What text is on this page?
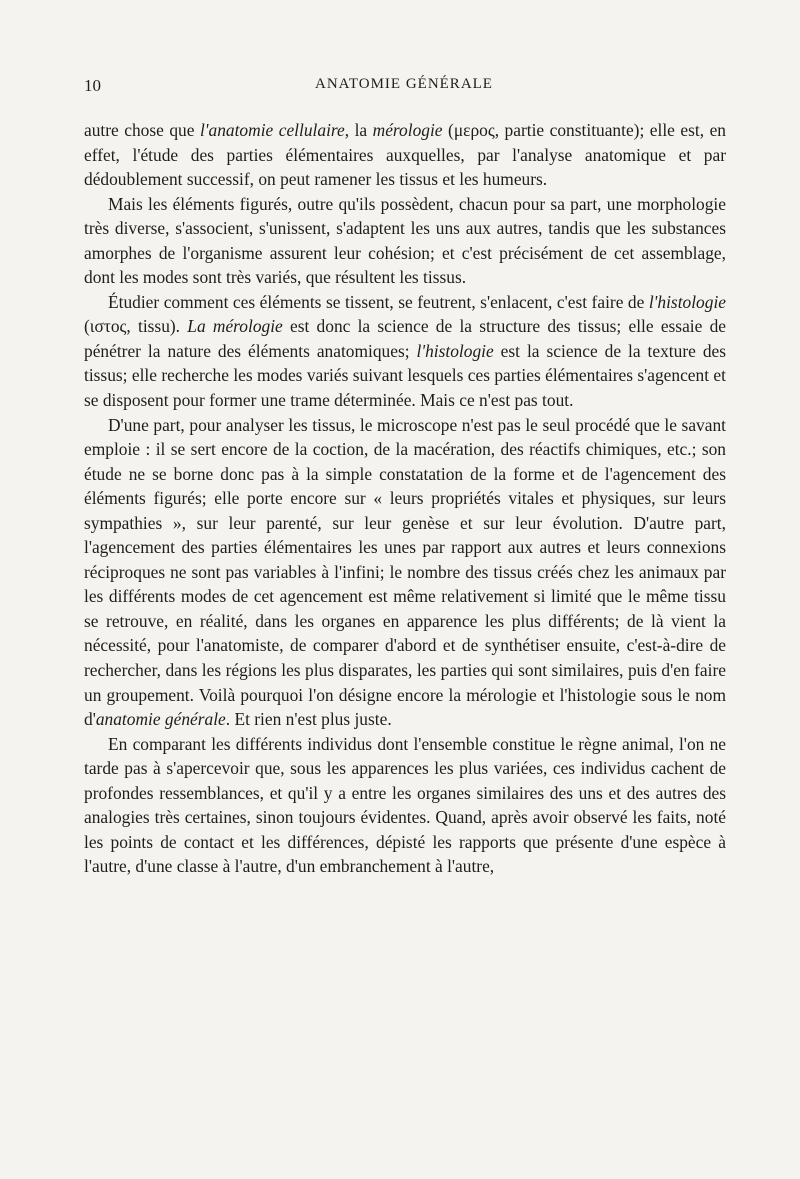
10	ANATOMIE GÉNÉRALE

autre chose que l'anatomie cellulaire, la mérologie (μερος, partie constituante); elle est, en effet, l'étude des parties élémentaires auxquelles, par l'analyse anatomique et par dédoublement successif, on peut ramener les tissus et les humeurs.

Mais les éléments figurés, outre qu'ils possèdent, chacun pour sa part, une morphologie très diverse, s'associent, s'unissent, s'adaptent les uns aux autres, tandis que les substances amorphes de l'organisme assurent leur cohésion; et c'est précisément de cet assemblage, dont les modes sont très variés, que résultent les tissus.

Étudier comment ces éléments se tissent, se feutrent, s'enlacent, c'est faire de l'histologie (ιστος, tissu). La mérologie est donc la science de la structure des tissus; elle essaie de pénétrer la nature des éléments anatomiques; l'histologie est la science de la texture des tissus; elle recherche les modes variés suivant lesquels ces parties élémentaires s'agencent et se disposent pour former une trame déterminée. Mais ce n'est pas tout.

D'une part, pour analyser les tissus, le microscope n'est pas le seul procédé que le savant emploie : il se sert encore de la coction, de la macération, des réactifs chimiques, etc.; son étude ne se borne donc pas à la simple constatation de la forme et de l'agencement des éléments figurés; elle porte encore sur « leurs propriétés vitales et physiques, sur leurs sympathies », sur leur parenté, sur leur genèse et sur leur évolution. D'autre part, l'agencement des parties élémentaires les unes par rapport aux autres et leurs connexions réciproques ne sont pas variables à l'infini; le nombre des tissus créés chez les animaux par les différents modes de cet agencement est même relativement si limité que le même tissu se retrouve, en réalité, dans les organes en apparence les plus différents; de là vient la nécessité, pour l'anatomiste, de comparer d'abord et de synthétiser ensuite, c'est-à-dire de rechercher, dans les régions les plus disparates, les parties qui sont similaires, puis d'en faire un groupement. Voilà pourquoi l'on désigne encore la mérologie et l'histologie sous le nom d'anatomie générale. Et rien n'est plus juste.

En comparant les différents individus dont l'ensemble constitue le règne animal, l'on ne tarde pas à s'apercevoir que, sous les apparences les plus variées, ces individus cachent de profondes ressemblances, et qu'il y a entre les organes similaires des uns et des autres des analogies très certaines, sinon toujours évidentes. Quand, après avoir observé les faits, noté les points de contact et les différences, dépisté les rapports que présente d'une espèce à l'autre, d'une classe à l'autre, d'un embranchement à l'autre,
